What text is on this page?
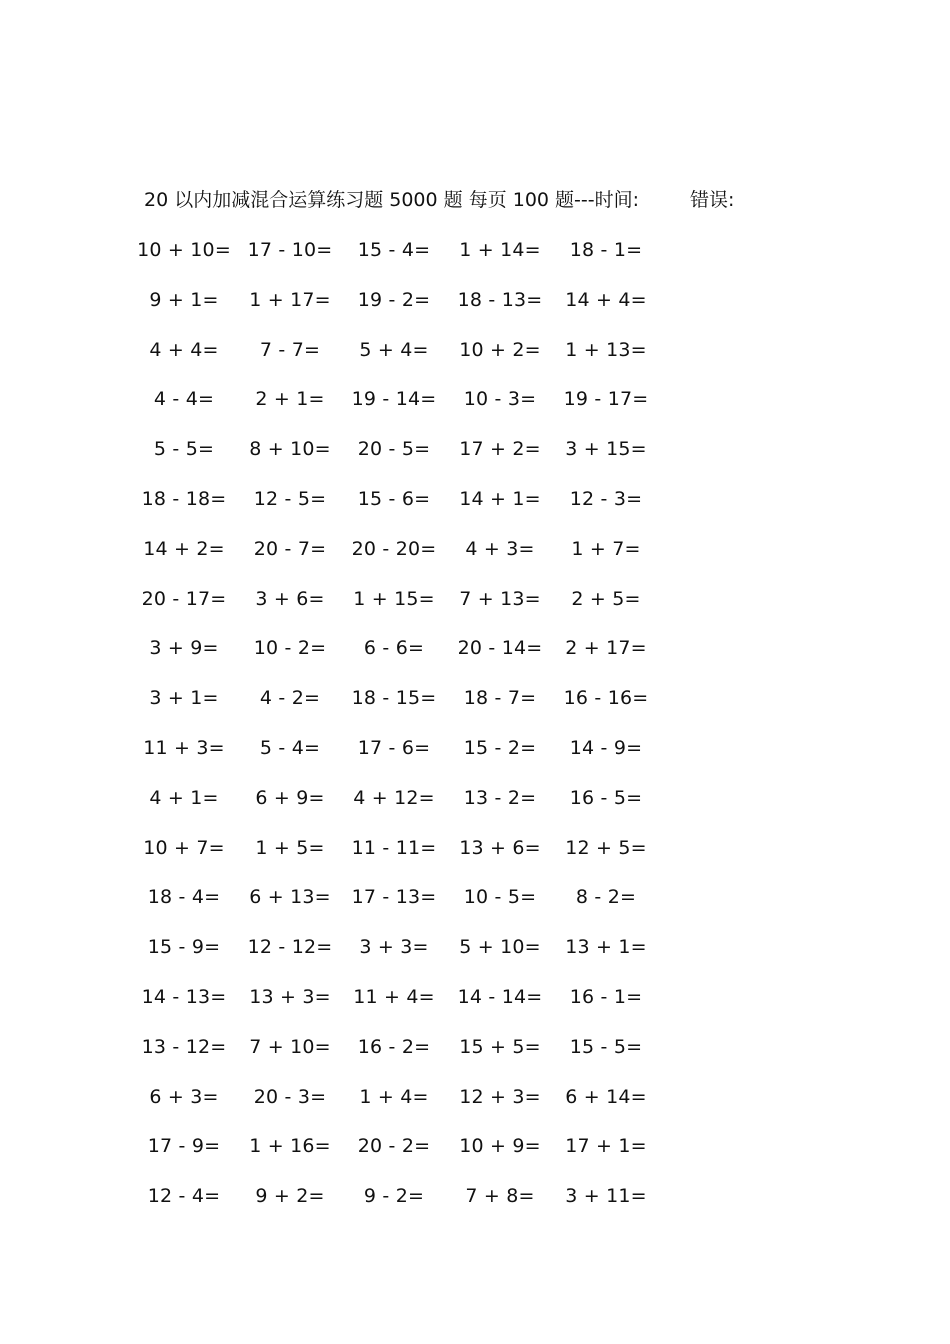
20 以内加减混合运算练习题 5000 题 每页 100 题---时间:	错误:
10 + 10= 17 - 10= 15 - 4= 1 + 14= 18 - 1=
9 + 1= 1 + 17= 19 - 2= 18 - 13= 14 + 4=
4 + 4= 7 - 7= 5 + 4= 10 + 2= 1 + 13=
4 - 4= 2 + 1= 19 - 14= 10 - 3= 19 - 17=
5 - 5= 8 + 10= 20 - 5= 17 + 2= 3 + 15=
18 - 18= 12 - 5= 15 - 6= 14 + 1= 12 - 3=
14 + 2= 20 - 7= 20 - 20= 4 + 3= 1 + 7=
20 - 17= 3 + 6= 1 + 15= 7 + 13= 2 + 5=
3 + 9= 10 - 2= 6 - 6= 20 - 14= 2 + 17=
3 + 1= 4 - 2= 18 - 15= 18 - 7= 16 - 16=
11 + 3= 5 - 4= 17 - 6= 15 - 2= 14 - 9=
4 + 1= 6 + 9= 4 + 12= 13 - 2= 16 - 5=
10 + 7= 1 + 5= 11 - 11= 13 + 6= 12 + 5=
18 - 4= 6 + 13= 17 - 13= 10 - 5= 8 - 2=
15 - 9= 12 - 12= 3 + 3= 5 + 10= 13 + 1=
14 - 13= 13 + 3= 11 + 4= 14 - 14= 16 - 1=
13 - 12= 7 + 10= 16 - 2= 15 + 5= 15 - 5=
6 + 3= 20 - 3= 1 + 4= 12 + 3= 6 + 14=
17 - 9= 1 + 16= 20 - 2= 10 + 9= 17 + 1=
12 - 4= 9 + 2= 9 - 2= 7 + 8= 3 + 11=
